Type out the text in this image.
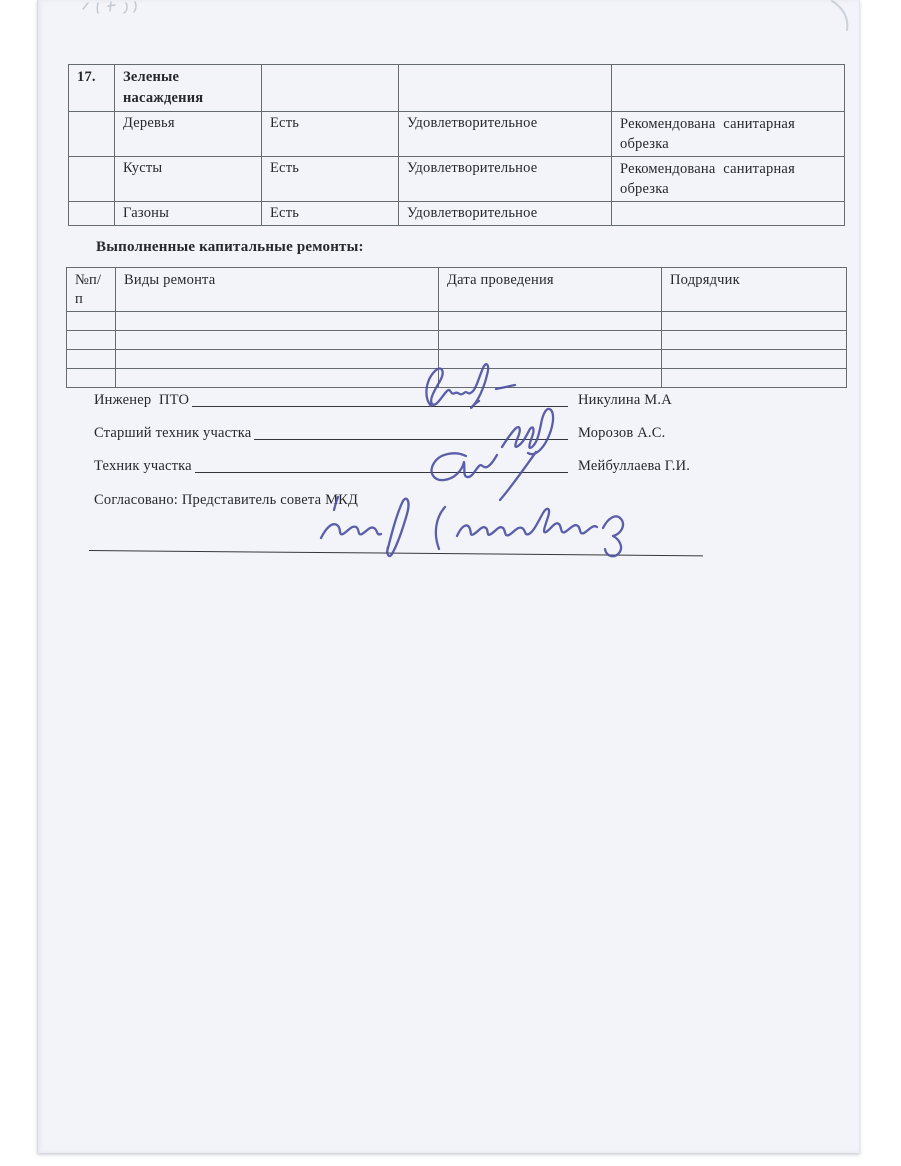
17.	Зеленые насаждения			
	Деревья	Есть	Удовлетворительное	Рекомендована санитарная обрезка
	Кусты	Есть	Удовлетворительное	Рекомендована санитарная обрезка
	Газоны	Есть	Удовлетворительное	
Выполненные капитальные ремонты:
№п/п	Виды ремонта	Дата проведения	Подрядчик

Инженер  ПТО	Никулина М.А
Старший техник участка	Морозов А.С.
Техник участка	Мейбуллаева Г.И.
Согласовано: Представитель совета МКД
